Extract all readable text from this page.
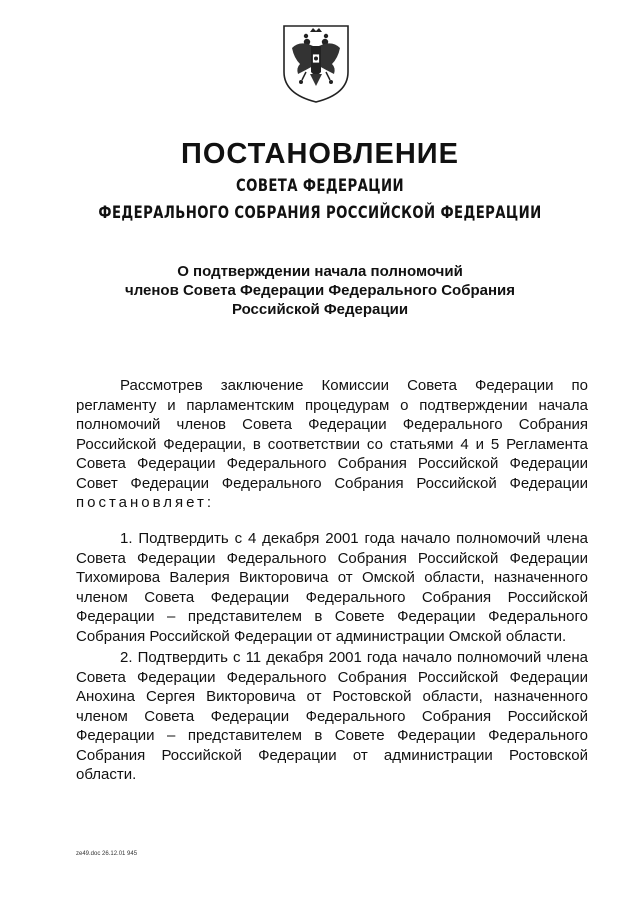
ПОСТАНОВЛЕНИЕ
СОВЕТА ФЕДЕРАЦИИ
ФЕДЕРАЛЬНОГО СОБРАНИЯ РОССИЙСКОЙ ФЕДЕРАЦИИ
О подтверждении начала полномочий
членов Совета Федерации Федерального Собрания
Российской Федерации

Рассмотрев заключение Комиссии Совета Федерации по регламенту и парламентским процедурам о подтверждении начала полномочий членов Совета Федерации Федерального Собрания Российской Федерации, в соответствии со статьями 4 и 5 Регламента Совета Федерации Федерального Собрания Российской Федерации Совет Федерации Федерального Собрания Российской Федерации постановляет:

1. Подтвердить с 4 декабря 2001 года начало полномочий члена Совета Федерации Федерального Собрания Российской Федерации Тихомирова Валерия Викторовича от Омской области, назначенного членом Совета Федерации Федерального Собрания Российской Федерации – представителем в Совете Федерации Федерального Собрания Российской Федерации от администрации Омской области.

2. Подтвердить с 11 декабря 2001 года начало полномочий члена Совета Федерации Федерального Собрания Российской Федерации Анохина Сергея Викторовича от Ростовской области, назначенного членом Совета Федерации Федерального Собрания Российской Федерации – представителем в Совете Федерации Федерального Собрания Российской Федерации от администрации Ростовской области.

ze49.doc 26.12.01 945
